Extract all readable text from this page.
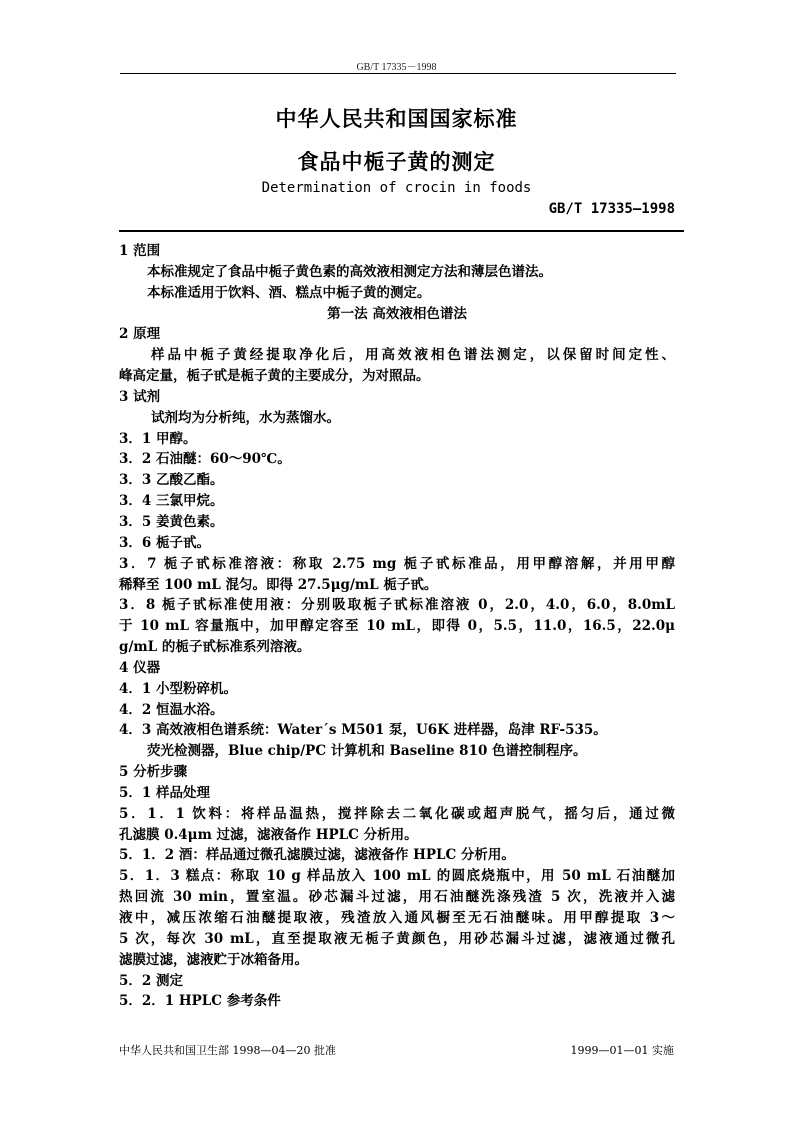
GB/T 17335－1998
中华人民共和国国家标准
食品中栀子黄的测定
Determination of crocin in foods
GB/T 17335—1998
1 范围
本标准规定了食品中栀子黄色素的高效液相测定方法和薄层色谱法。
本标准适用于饮料、酒、糕点中栀子黄的测定。
第一法 高效液相色谱法
2 原理
样品中栀子黄经提取净化后，用高效液相色谱法测定，以保留时间定性、
峰高定量，栀子甙是栀子黄的主要成分，为对照品。
3 试剂
试剂均为分析纯，水为蒸馏水。
3．1 甲醇。
3．2 石油醚：60～90℃。
3．3 乙酸乙酯。
3．4 三氯甲烷。
3．5 姜黄色素。
3．6 栀子甙。
3．7 栀子甙标准溶液：称取 2.75 mg 栀子甙标准品，用甲醇溶解，并用甲醇
稀释至 100 mL 混匀。即得 27.5μg/mL 栀子甙。
3．8 栀子甙标准使用液：分别吸取栀子甙标准溶液 0，2.0，4.0，6.0，8.0mL
于 10 mL 容量瓶中，加甲醇定容至 10 mL，即得 0，5.5，11.0，16.5，22.0μ
g/mL 的栀子甙标准系列溶液。
4 仪器
4．1 小型粉碎机。
4．2 恒温水浴。
4．3 高效液相色谱系统：Water´s M501 泵，U6K 进样器，岛津 RF-535。
荧光检测器，Blue chip/PC 计算机和 Baseline 810 色谱控制程序。
5 分析步骤
5．1 样品处理
5．1．1 饮料：将样品温热，搅拌除去二氧化碳或超声脱气，摇匀后，通过微
孔滤膜 0.4μm 过滤，滤液备作 HPLC 分析用。
5．1．2 酒：样品通过微孔滤膜过滤，滤液备作 HPLC 分析用。
5．1．3 糕点：称取 10 g 样品放入 100 mL 的圆底烧瓶中，用 50 mL 石油醚加
热回流 30 min，置室温。砂芯漏斗过滤，用石油醚洗涤残渣 5 次，洗液并入滤
液中，减压浓缩石油醚提取液，残渣放入通风橱至无石油醚味。用甲醇提取 3～
5 次，每次 30 mL，直至提取液无栀子黄颜色，用砂芯漏斗过滤，滤液通过微孔
滤膜过滤，滤液贮于冰箱备用。
5．2 测定
5．2．1 HPLC 参考条件
中华人民共和国卫生部 1998—04—20 批准	1999—01—01 实施
